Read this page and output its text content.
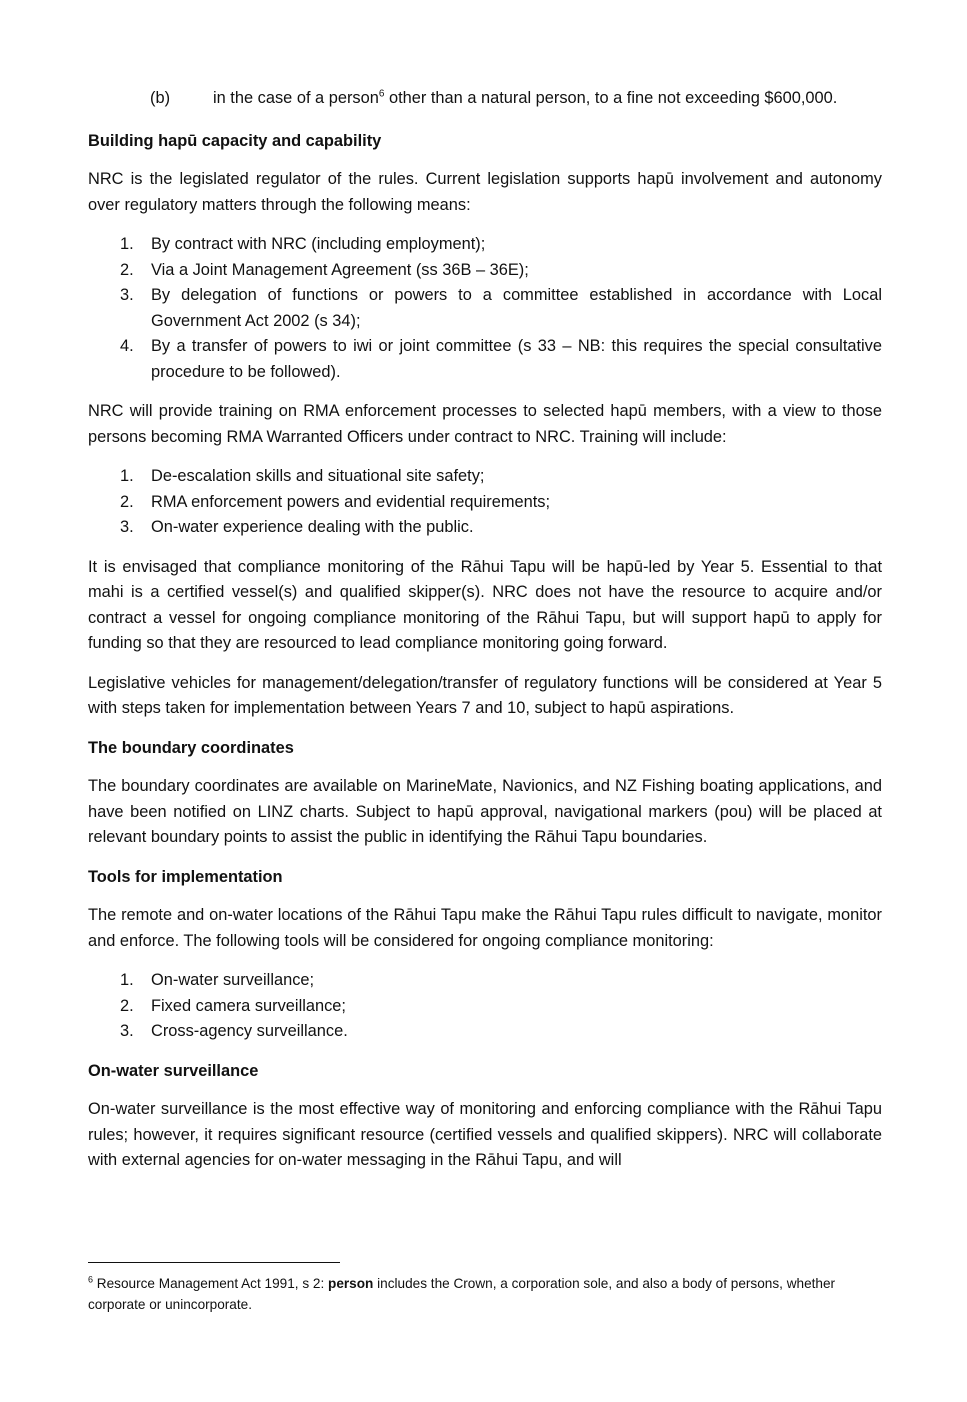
(b)	in the case of a person$^6$ other than a natural person, to a fine not exceeding $600,000.
Building hapū capacity and capability

NRC is the legislated regulator of the rules. Current legislation supports hapū involvement and autonomy over regulatory matters through the following means:

1.	By contract with NRC (including employment);
2.	Via a Joint Management Agreement (ss 36B – 36E);
3.	By delegation of functions or powers to a committee established in accordance with Local Government Act 2002 (s 34);
4.	By a transfer of powers to iwi or joint committee (s 33 – NB: this requires the special consultative procedure to be followed).

NRC will provide training on RMA enforcement processes to selected hapū members, with a view to those persons becoming RMA Warranted Officers under contract to NRC. Training will include:

1.	De-escalation skills and situational site safety;
2.	RMA enforcement powers and evidential requirements;
3.	On-water experience dealing with the public.

It is envisaged that compliance monitoring of the Rāhui Tapu will be hapū-led by Year 5. Essential to that mahi is a certified vessel(s) and qualified skipper(s). NRC does not have the resource to acquire and/or contract a vessel for ongoing compliance monitoring of the Rāhui Tapu, but will support hapū to apply for funding so that they are resourced to lead compliance monitoring going forward.

Legislative vehicles for management/delegation/transfer of regulatory functions will be considered at Year 5 with steps taken for implementation between Years 7 and 10, subject to hapū aspirations.

The boundary coordinates

The boundary coordinates are available on MarineMate, Navionics, and NZ Fishing boating applications, and have been notified on LINZ charts. Subject to hapū approval, navigational markers (pou) will be placed at relevant boundary points to assist the public in identifying the Rāhui Tapu boundaries.

Tools for implementation

The remote and on-water locations of the Rāhui Tapu make the Rāhui Tapu rules difficult to navigate, monitor and enforce. The following tools will be considered for ongoing compliance monitoring:

1.	On-water surveillance;
2.	Fixed camera surveillance;
3.	Cross-agency surveillance.
On-water surveillance

On-water surveillance is the most effective way of monitoring and enforcing compliance with the Rāhui Tapu rules; however, it requires significant resource (certified vessels and qualified skippers). NRC will collaborate with external agencies for on-water messaging in the Rāhui Tapu, and will

$^6$ Resource Management Act 1991, s 2: person includes the Crown, a corporation sole, and also a body of persons, whether corporate or unincorporate.
